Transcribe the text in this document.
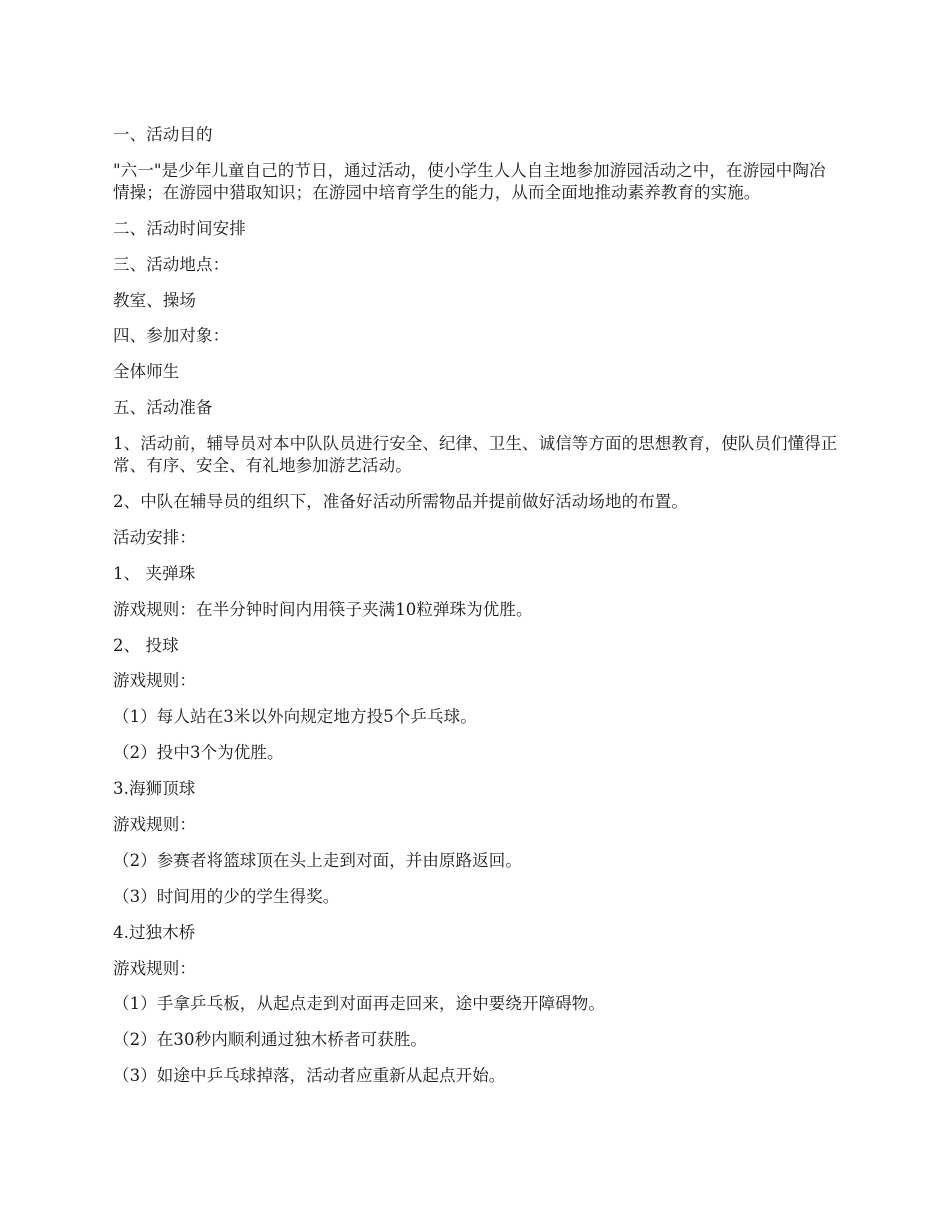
一、活动目的

"六一"是少年儿童自己的节日，通过活动，使小学生人人自主地参加游园活动之中，在游园中陶冶情操；在游园中猎取知识；在游园中培育学生的能力，从而全面地推动素养教育的实施。

二、活动时间安排

三、活动地点：

教室、操场

四、参加对象：

全体师生

五、活动准备

1、活动前，辅导员对本中队队员进行安全、纪律、卫生、诚信等方面的思想教育，使队员们懂得正常、有序、安全、有礼地参加游艺活动。

2、中队在辅导员的组织下，准备好活动所需物品并提前做好活动场地的布置。

活动安排：

1、 夹弹珠

游戏规则：在半分钟时间内用筷子夹满10粒弹珠为优胜。

2、 投球

游戏规则：

（1）每人站在3米以外向规定地方投5个乒乓球。

（2）投中3个为优胜。

3.海狮顶球

游戏规则：

（2）参赛者将篮球顶在头上走到对面，并由原路返回。

（3）时间用的少的学生得奖。

4.过独木桥

游戏规则：

（1）手拿乒乓板，从起点走到对面再走回来，途中要绕开障碍物。

（2）在30秒内顺利通过独木桥者可获胜。

（3）如途中乒乓球掉落，活动者应重新从起点开始。
